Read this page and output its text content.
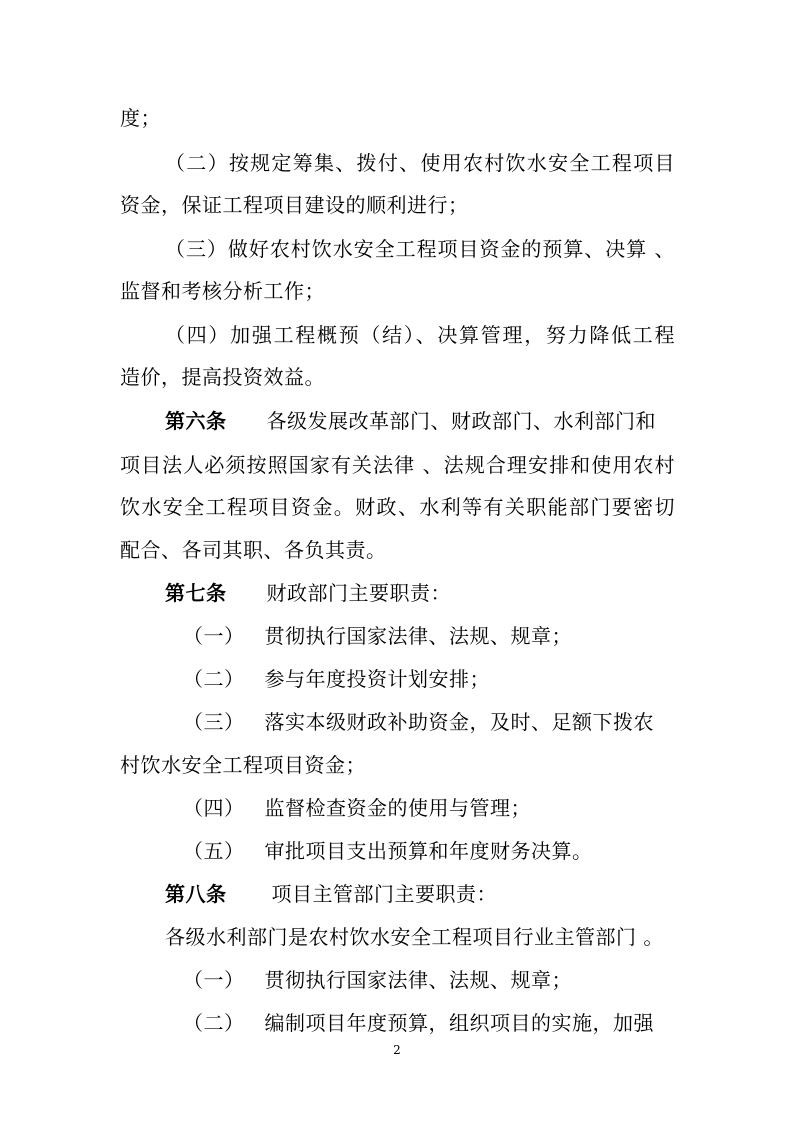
度；
（二）按规定筹集、拨付、使用农村饮水安全工程项目
资金，保证工程项目建设的顺利进行；
（三）做好农村饮水安全工程项目资金的预算、决算 、
监督和考核分析工作；
（四）加强工程概预（结）、决算管理，努力降低工程
造价，提高投资效益。
第六条 各级发展改革部门、财政部门、水利部门和
项目法人必须按照国家有关法律 、法规合理安排和使用农村
饮水安全工程项目资金。财政、水利等有关职能部门要密切
配合、各司其职、各负其责。
第七条 财政部门主要职责：
（一） 贯彻执行国家法律、法规、规章；
（二） 参与年度投资计划安排；
（三） 落实本级财政补助资金，及时、足额下拨农
村饮水安全工程项目资金；
（四） 监督检查资金的使用与管理；
（五） 审批项目支出预算和年度财务决算。
第八条 项目主管部门主要职责：
各级水利部门是农村饮水安全工程项目行业主管部门 。
（一） 贯彻执行国家法律、法规、规章；
（二） 编制项目年度预算，组织项目的实施，加强
2
